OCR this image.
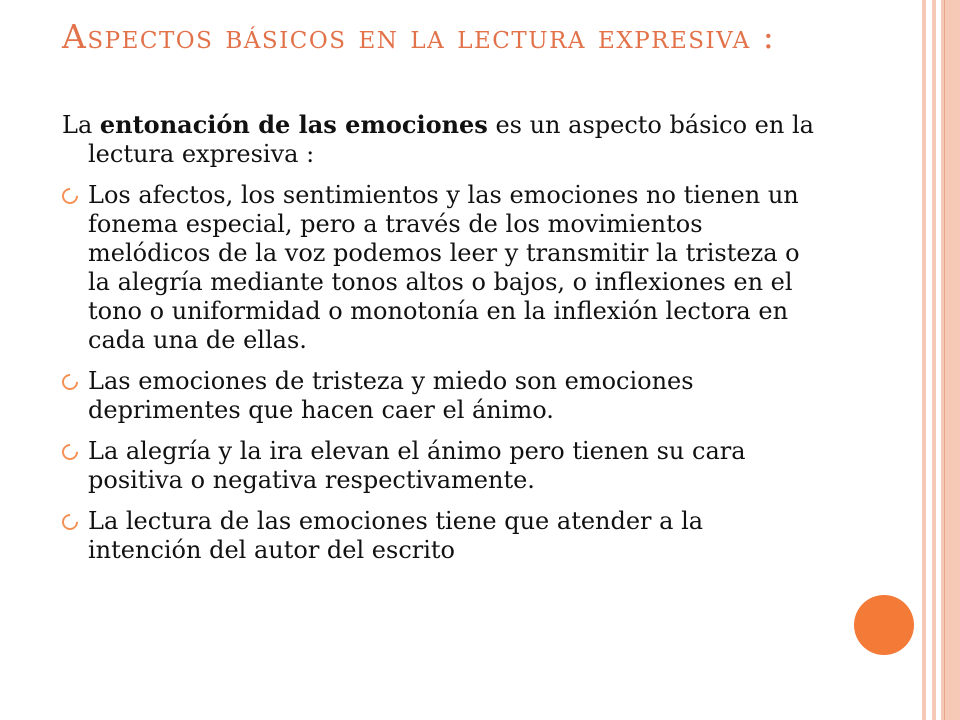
Aspectos básicos en la lectura expresiva :
La entonación de las emociones es un aspecto básico en la lectura expresiva :
Los afectos, los sentimientos y las emociones no tienen un fonema especial, pero a través de los movimientos melódicos de la voz podemos leer y transmitir la tristeza o la alegría mediante tonos altos o bajos, o inflexiones en el tono o uniformidad o monotonía en la inflexión lectora en cada una de ellas.
Las emociones de tristeza y miedo son emociones deprimentes que hacen caer el ánimo.
La alegría y la ira elevan el ánimo pero tienen su cara positiva o negativa respectivamente.
La lectura de las emociones tiene que atender a la intención del autor del escrito
